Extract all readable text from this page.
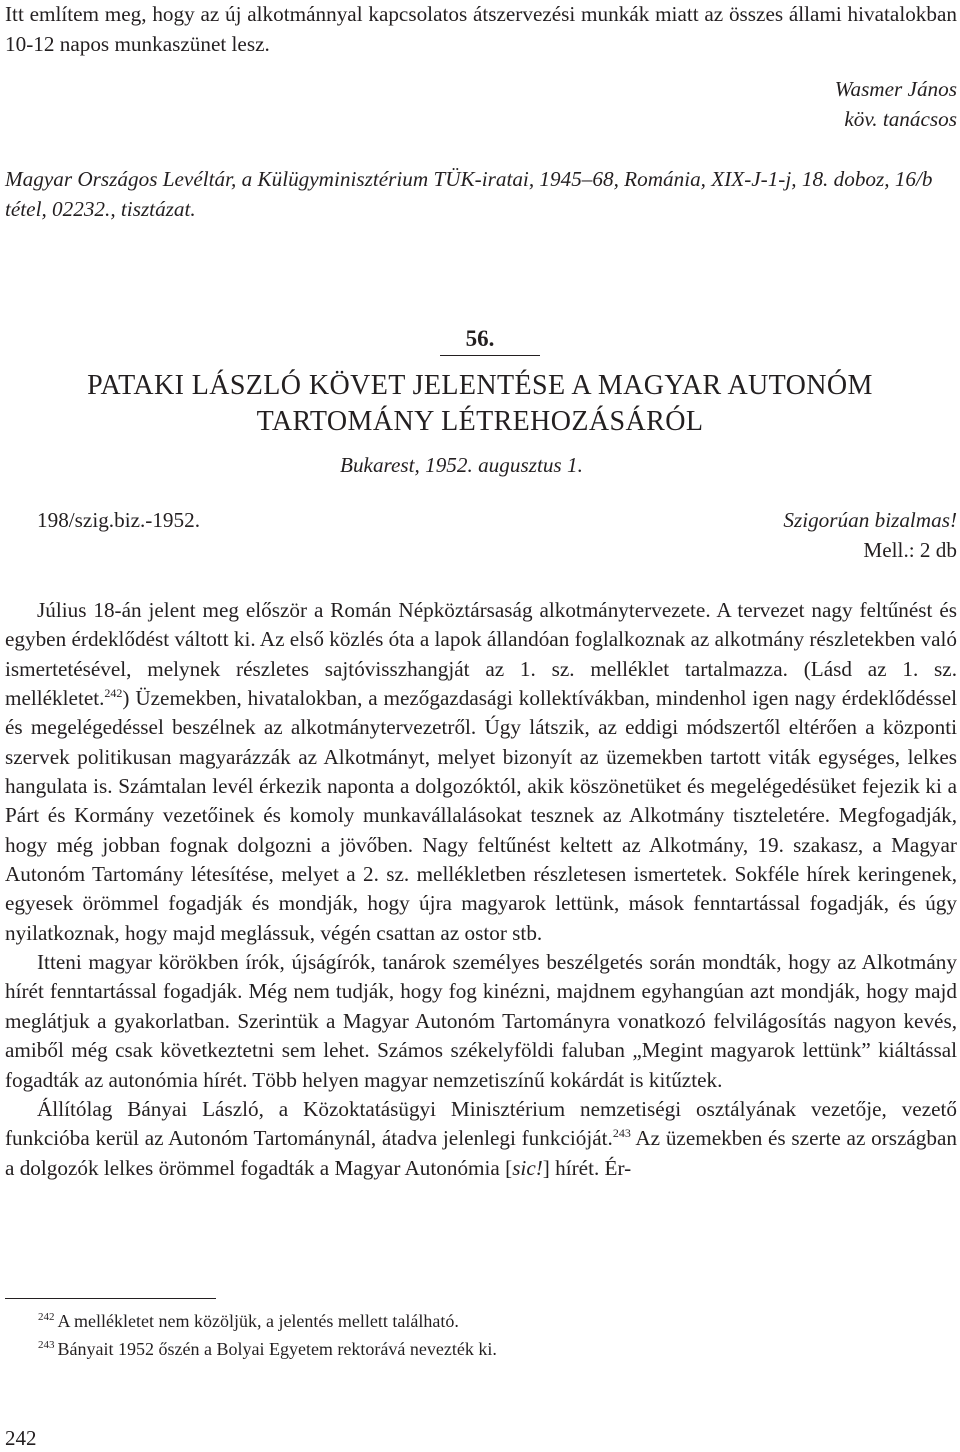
Itt említem meg, hogy az új alkotmánnyal kapcsolatos átszervezési munkák miatt az összes állami hivatalokban 10-12 napos munkaszünet lesz.
Wasmer János
köv. tanácsos
Magyar Országos Levéltár, a Külügyminisztérium TÜK-iratai, 1945–68, Románia, XIX-J-1-j, 18. doboz, 16/b tétel, 02232., tisztázat.
56.
PATAKI LÁSZLÓ KÖVET JELENTÉSE A MAGYAR AUTONÓM
TARTOMÁNY LÉTREHOZÁSÁRÓL
Bukarest, 1952. augusztus 1.
198/szig.biz.-1952.	Szigorúan bizalmas!
Mell.: 2 db

Július 18-án jelent meg először a Román Népköztársaság alkotmánytervezete. A tervezet nagy feltűnést és egyben érdeklődést váltott ki. Az első közlés óta a lapok állandóan foglalkoznak az alkotmány részletekben való ismertetésével, melynek részletes sajtóvisszhangját az 1. sz. melléklet tartalmazza. (Lásd az 1. sz. mellékletet.$^{242}$) Üzemekben, hivatalokban, a mezőgazdasági kollektívákban, mindenhol igen nagy érdeklődéssel és megelégedéssel beszélnek az alkotmánytervezetről. Úgy látszik, az eddigi módszertől eltérően a központi szervek politikusan magyarázzák az Alkotmányt, melyet bizonyít az üzemekben tartott viták egységes, lelkes hangulata is. Számtalan levél érkezik naponta a dolgozóktól, akik köszönetüket és megelégedésüket fejezik ki a Párt és Kormány vezetőinek és komoly munkavállalásokat tesznek az Alkotmány tiszteletére. Megfogadják, hogy még jobban fognak dolgozni a jövőben. Nagy feltűnést keltett az Alkotmány, 19. szakasz, a Magyar Autonóm Tartomány létesítése, melyet a 2. sz. mellékletben részletesen ismertetek. Sokféle hírek keringenek, egyesek örömmel fogadják és mondják, hogy újra magyarok lettünk, mások fenntartással fogadják, és úgy nyilatkoznak, hogy majd meglássuk, végén csattan az ostor stb.

Itteni magyar körökben írók, újságírók, tanárok személyes beszélgetés során mondták, hogy az Alkotmány hírét fenntartással fogadják. Még nem tudják, hogy fog kinézni, majdnem egyhangúan azt mondják, hogy majd meglátjuk a gyakorlatban. Szerintük a Magyar Autonóm Tartományra vonatkozó felvilágosítás nagyon kevés, amiből még csak következtetni sem lehet. Számos székelyföldi faluban „Megint magyarok lettünk” kiáltással fogadták az autonómia hírét. Több helyen magyar nemzetiszínű kokárdát is kitűztek.

Állítólag Bányai László, a Közoktatásügyi Minisztérium nemzetiségi osztályának vezetője, vezető funkcióba kerül az Autonóm Tartománynál, átadva jelenlegi funkcióját.$^{243}$ Az üzemekben és szerte az országban a dolgozók lelkes örömmel fogadták a Magyar Autonómia [sic!] hírét. Ér-

$^{242}$ A mellékletet nem közöljük, a jelentés mellett található.

$^{243}$ Bányait 1952 őszén a Bolyai Egyetem rektorává nevezték ki.

242
